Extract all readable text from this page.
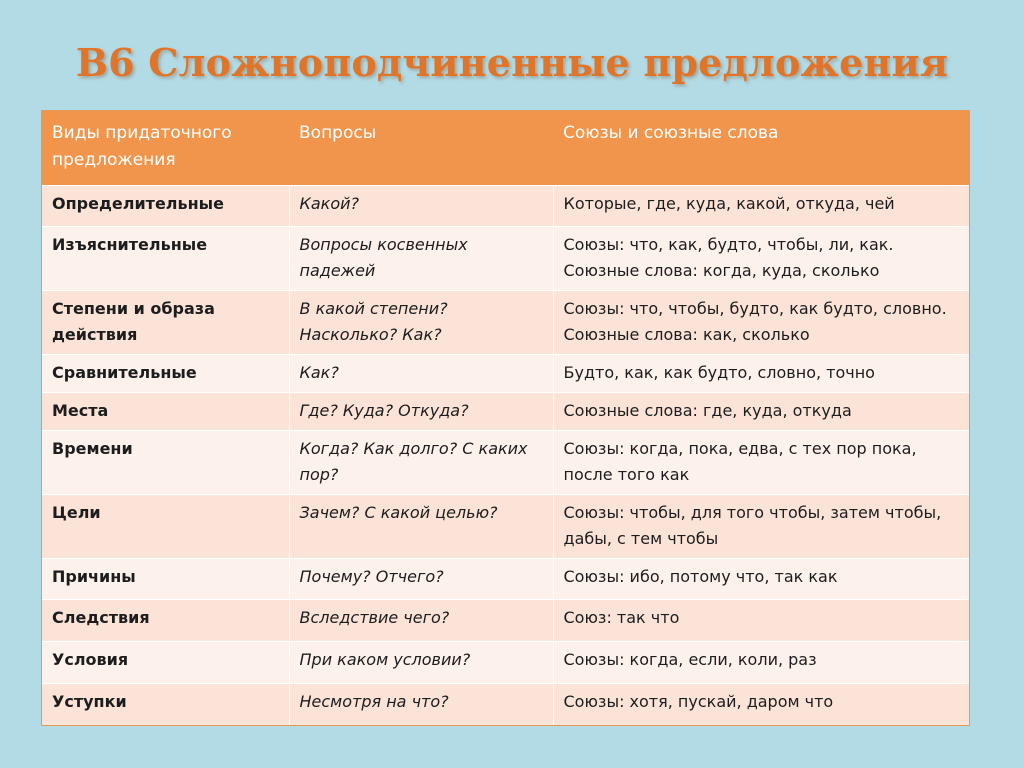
В6 Сложноподчиненные предложения
Виды придаточного предложения	Вопросы	Союзы и союзные слова
Определительные	Какой?	Которые, где, куда, какой, откуда, чей
Изъяснительные	Вопросы косвенных падежей	Союзы: что, как, будто, чтобы, ли, как. Союзные слова: когда, куда, сколько
Степени и образа действия	В какой степени? Насколько? Как?	Союзы: что, чтобы, будто, как будто, словно. Союзные слова: как, сколько
Сравнительные	Как?	Будто, как, как будто, словно, точно
Места	Где? Куда? Откуда?	Союзные слова: где, куда, откуда
Времени	Когда? Как долго? С каких пор?	Союзы: когда, пока, едва, с тех пор пока, после того как
Цели	Зачем? С какой целью?	Союзы: чтобы, для того чтобы, затем чтобы, дабы, с тем чтобы
Причины	Почему? Отчего?	Союзы: ибо, потому что, так как
Следствия	Вследствие чего?	Союз: так что
Условия	При каком условии?	Союзы: когда, если, коли, раз
Уступки	Несмотря на что?	Союзы: хотя, пускай, даром что
